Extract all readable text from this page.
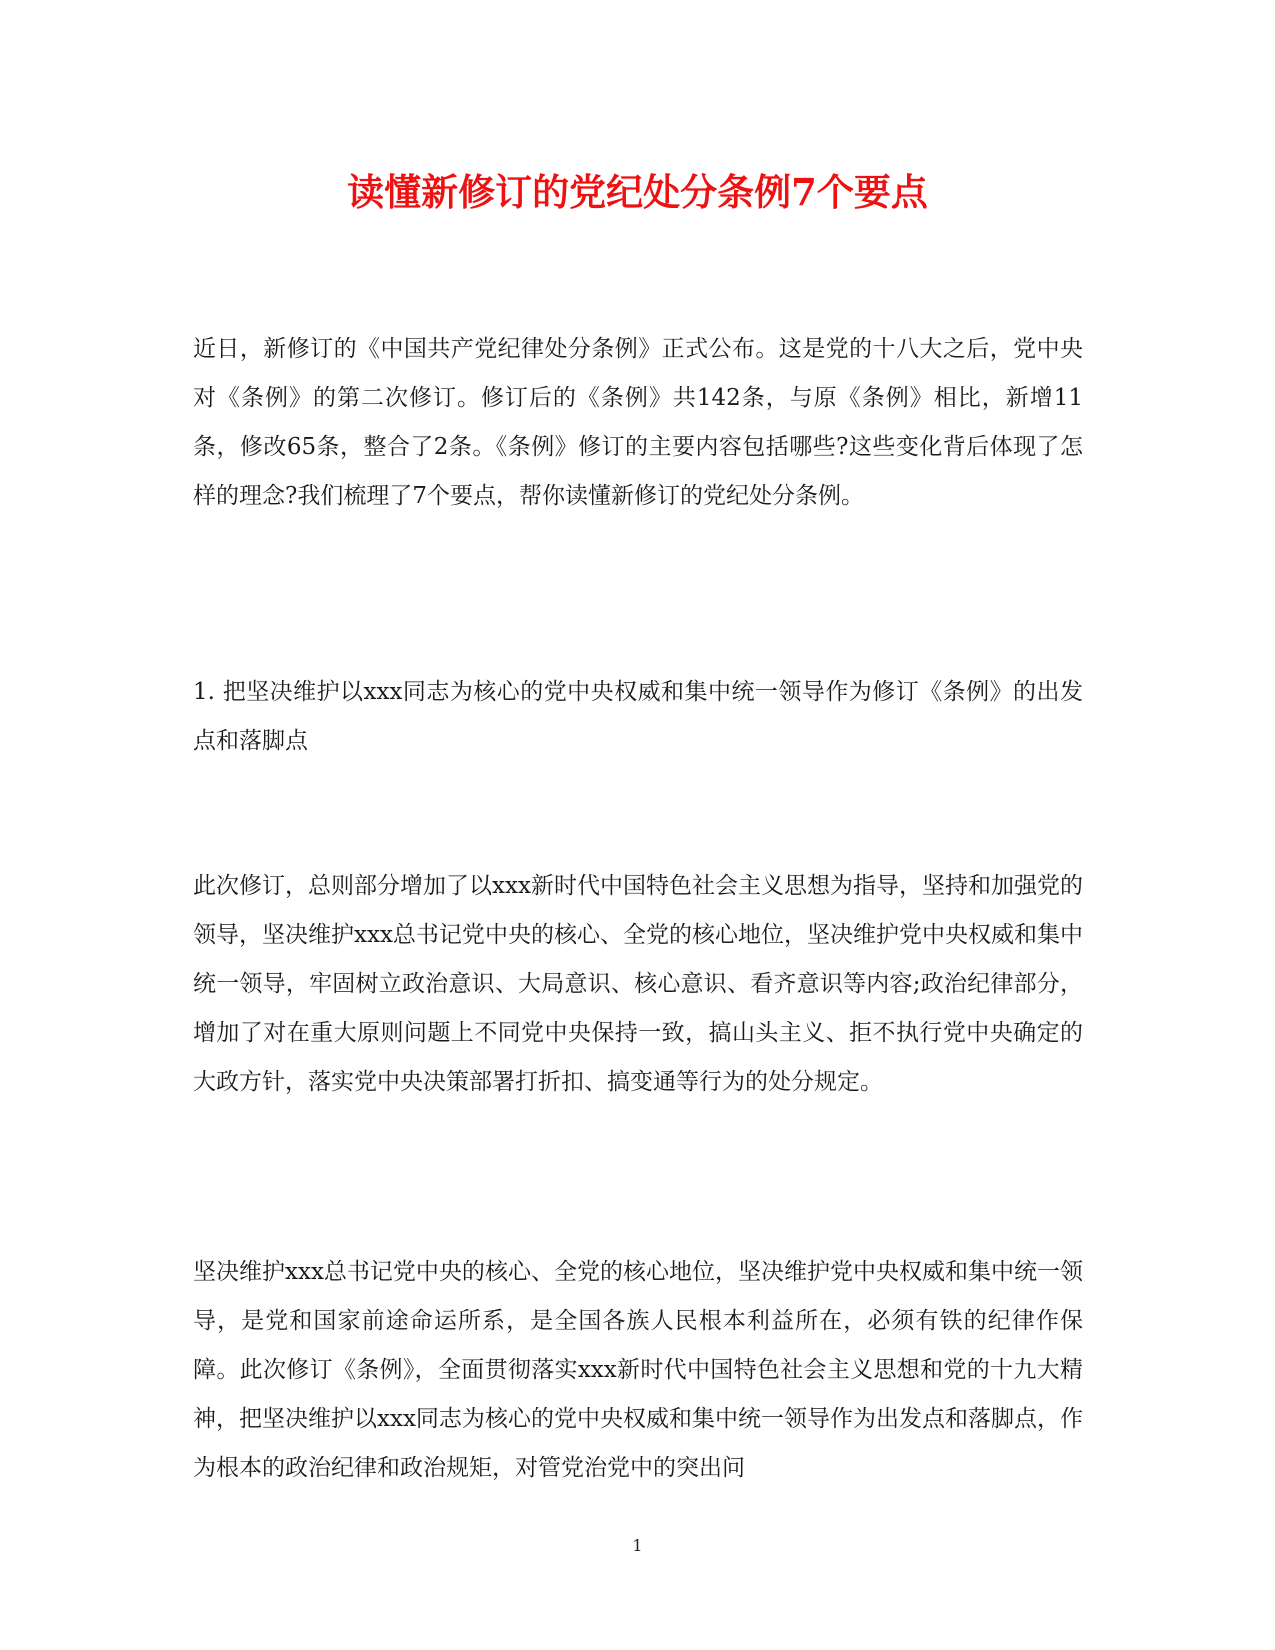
读懂新修订的党纪处分条例7个要点
近日，新修订的《中国共产党纪律处分条例》正式公布。这是党的十八大之后，党中央对《条例》的第二次修订。修订后的《条例》共142条，与原《条例》相比，新增11条，修改65条，整合了2条。《条例》修订的主要内容包括哪些?这些变化背后体现了怎样的理念?我们梳理了7个要点，帮你读懂新修订的党纪处分条例。
1. 把坚决维护以xxx同志为核心的党中央权威和集中统一领导作为修订《条例》的出发点和落脚点
此次修订，总则部分增加了以xxx新时代中国特色社会主义思想为指导，坚持和加强党的领导，坚决维护xxx总书记党中央的核心、全党的核心地位，坚决维护党中央权威和集中统一领导，牢固树立政治意识、大局意识、核心意识、看齐意识等内容;政治纪律部分，增加了对在重大原则问题上不同党中央保持一致，搞山头主义、拒不执行党中央确定的大政方针，落实党中央决策部署打折扣、搞变通等行为的处分规定。
坚决维护xxx总书记党中央的核心、全党的核心地位，坚决维护党中央权威和集中统一领导，是党和国家前途命运所系，是全国各族人民根本利益所在，必须有铁的纪律作保障。此次修订《条例》，全面贯彻落实xxx新时代中国特色社会主义思想和党的十九大精神，把坚决维护以xxx同志为核心的党中央权威和集中统一领导作为出发点和落脚点，作为根本的政治纪律和政治规矩，对管党治党中的突出问
1
